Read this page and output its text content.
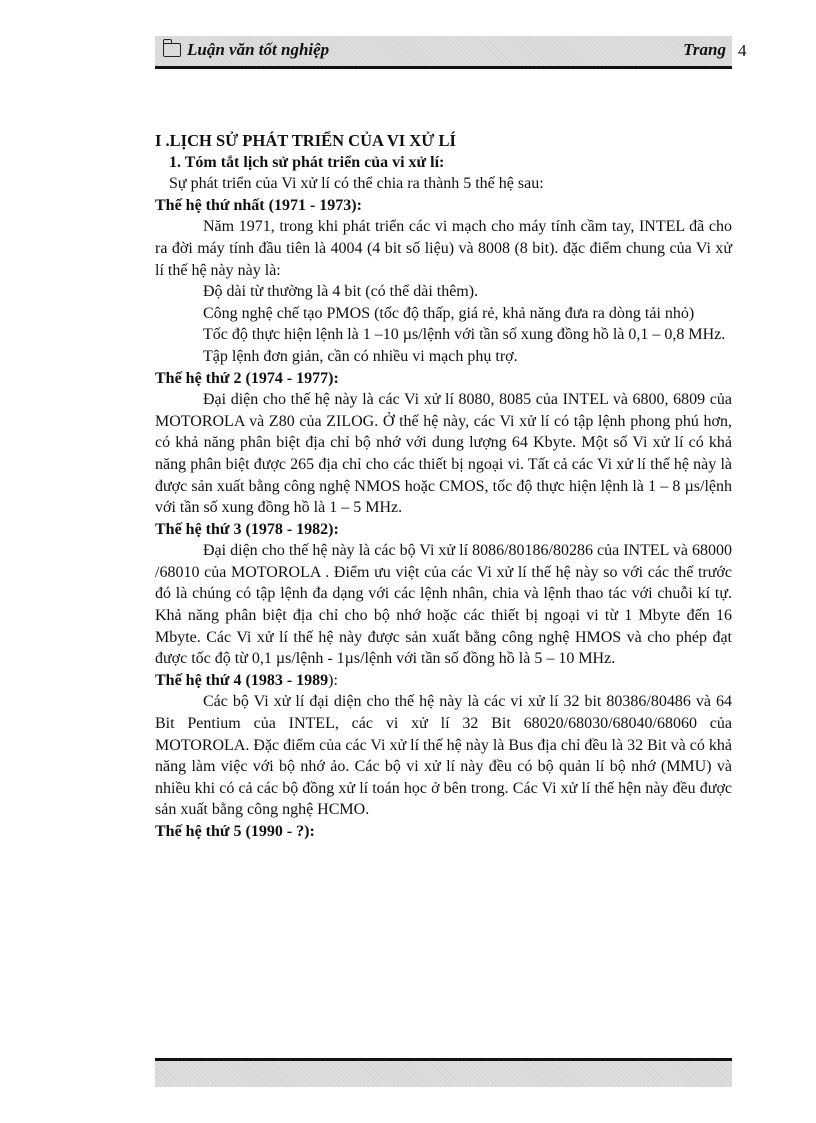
Luận văn tốt nghiệp	Trang 4

I .LỊCH SỬ PHÁT TRIỂN CỦA VI XỬ LÍ

1. Tóm tắt lịch sử phát triển của vi xử lí:

Sự phát triển của Vi xử lí có thể chia ra thành 5 thế hệ sau:

Thế hệ thứ nhất (1971 - 1973):

Năm 1971, trong khi phát triển các vi mạch cho máy tính cầm tay, INTEL đã cho ra đời máy tính đầu tiên là 4004 (4 bit số liệu) và 8008 (8 bit). đặc điểm chung của Vi xử lí thế hệ này này là:

Độ dài từ thường là 4 bit (có thể dài thêm).

Công nghệ chế tạo PMOS (tốc độ thấp, giá rẻ, khả năng đưa ra dòng tải nhỏ)

Tốc độ thực hiện lệnh là 1 –10 µs/lệnh với tần số xung đồng hồ là 0,1 – 0,8 MHz.

Tập lệnh đơn giản, cần có nhiều vi mạch phụ trợ.

Thế hệ thứ 2 (1974 - 1977):

Đại diện cho thế hệ này là các Vi xử lí 8080, 8085 của INTEL và 6800, 6809 của MOTOROLA và Z80 của ZILOG. Ở thế hệ này, các Vi xử lí có tập lệnh phong phú hơn, có khả năng phân biệt địa chỉ bộ nhớ với dung lượng 64 Kbyte. Một số Vi xử lí có khả năng phân biệt được 265 địa chỉ cho các thiết bị ngoại vi. Tất cả các Vi xử lí thế hệ này là được sản xuất bằng công nghệ NMOS hoặc CMOS, tốc độ thực hiện lệnh là 1 – 8 µs/lệnh với tần số xung đồng hồ là 1 – 5 MHz.

Thế hệ thứ 3 (1978 - 1982):

Đại diện cho thế hệ này là các bộ Vi xử lí 8086/80186/80286 của INTEL và 68000 /68010 của MOTOROLA . Điểm ưu việt của các Vi xử lí thế hệ này so với các thế trước đó là chúng có tập lệnh đa dạng với các lệnh nhân, chia và lệnh thao tác với chuỗi kí tự. Khả năng phân biệt địa chỉ cho bộ nhớ hoặc các thiết bị ngoại vi từ 1 Mbyte đến 16 Mbyte. Các Vi xử lí thế hệ này được sản xuất bằng công nghệ HMOS và cho phép đạt được tốc độ từ 0,1 µs/lệnh - 1µs/lệnh với tần số đồng hồ là 5 – 10 MHz.

Thế hệ thứ 4 (1983 - 1989):

Các bộ Vi xử lí đại diện cho thế hệ này là các vi xử lí 32 bit 80386/80486 và 64 Bit Pentium của INTEL, các vi xử lí 32 Bit 68020/68030/68040/68060 của MOTOROLA. Đặc điểm của các Vi xử lí thế hệ này là Bus địa chỉ đều là 32 Bit và có khả năng làm việc với bộ nhớ ảo. Các bộ vi xử lí này đều có bộ quản lí bộ nhớ (MMU) và nhiều khi có cả các bộ đồng xử lí toán học ở bên trong. Các Vi xử lí thế hện này đều được sản xuất bằng công nghệ HCMO.

Thế hệ thứ 5 (1990 - ?):
